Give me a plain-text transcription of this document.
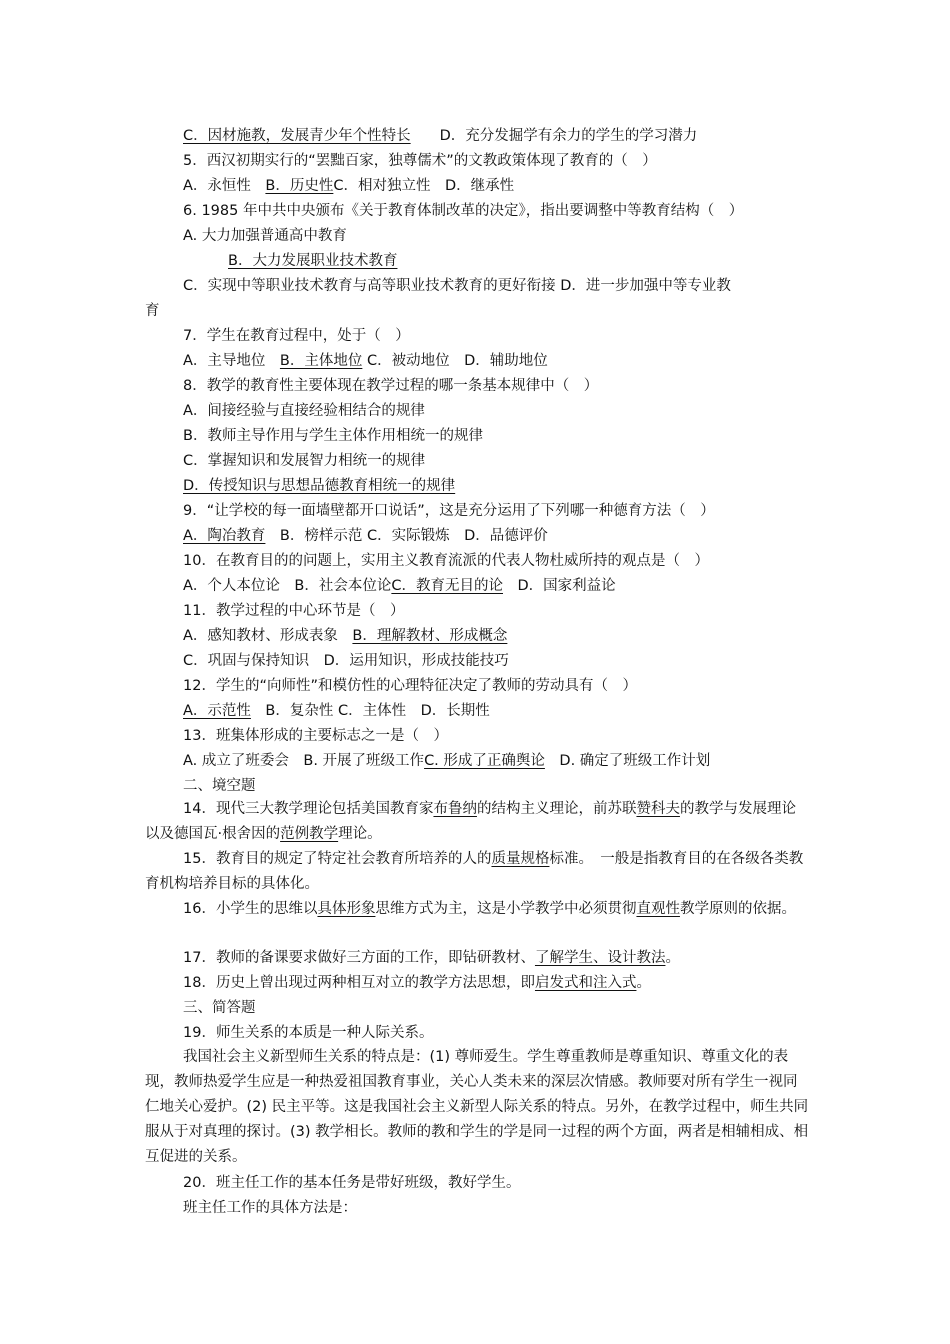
C．因材施教，发展青少年个性特长　　 D．充分发掘学有余力的学生的学习潜力
5．西汉初期实行的“罢黜百家，独尊儒术”的文教政策体现了教育的（　）
A．永恒性　B．历史性C．相对独立性　D．继承性
6. 1985 年中共中央颁布《关于教育体制改革的决定》，指出要调整中等教育结构（　）
A. 大力加强普通高中教育
B．大力发展职业技术教育
C．实现中等职业技术教育与高等职业技术教育的更好衔接 D．进一步加强中等专业教
育
7．学生在教育过程中，处于（　）
A．主导地位　B．主体地位 C．被动地位　D．辅助地位
8．教学的教育性主要体现在教学过程的哪一条基本规律中（　）
A．间接经验与直接经验相结合的规律
B．教师主导作用与学生主体作用相统一的规律
C．掌握知识和发展智力相统一的规律
D．传授知识与思想品德教育相统一的规律
9．“让学校的每一面墙壁都开口说话”，这是充分运用了下列哪一种德育方法（　）
A．陶冶教育　B．榜样示范 C．实际锻炼　D．品德评价
10．在教育目的的问题上，实用主义教育流派的代表人物杜威所持的观点是（　）
A．个人本位论　B．社会本位论C．教育无目的论　D．国家利益论
11．教学过程的中心环节是（　）
A．感知教材、形成表象　B．理解教材、形成概念
C．巩固与保持知识　D．运用知识，形成技能技巧
12．学生的“向师性”和模仿性的心理特征决定了教师的劳动具有（　）
A．示范性　B．复杂性 C．主体性　D．长期性
13．班集体形成的主要标志之一是（　）
A. 成立了班委会　B. 开展了班级工作C. 形成了正确舆论　D. 确定了班级工作计划
二、境空题
14．现代三大教学理论包括美国教育家布鲁纳的结构主义理论，前苏联赞科夫的教学与发展理论以及德国瓦·根舍因的范例教学理论。
15．教育目的规定了特定社会教育所培养的人的质量规格标准。　一般是指教育目的在各级各类教育机构培养目标的具体化。
16．小学生的思维以具体形象思维方式为主，这是小学教学中必须贯彻直观性教学原则的依据。
17．教师的备课要求做好三方面的工作，即钻研教材、了解学生、设计教法。
18．历史上曾出现过两种相互对立的教学方法思想，即启发式和注入式。
三、简答题
19．师生关系的本质是一种人际关系。
我国社会主义新型师生关系的特点是：(1) 尊师爱生。学生尊重教师是尊重知识、尊重文化的表现，教师热爱学生应是一种热爱祖国教育事业，关心人类未来的深层次情感。教师要对所有学生一视同仁地关心爱护。(2) 民主平等。这是我国社会主义新型人际关系的特点。另外，在教学过程中，师生共同服从于对真理的探讨。(3) 教学相长。教师的教和学生的学是同一过程的两个方面，两者是相辅相成、相互促进的关系。
20．班主任工作的基本任务是带好班级，教好学生。
班主任工作的具体方法是：
